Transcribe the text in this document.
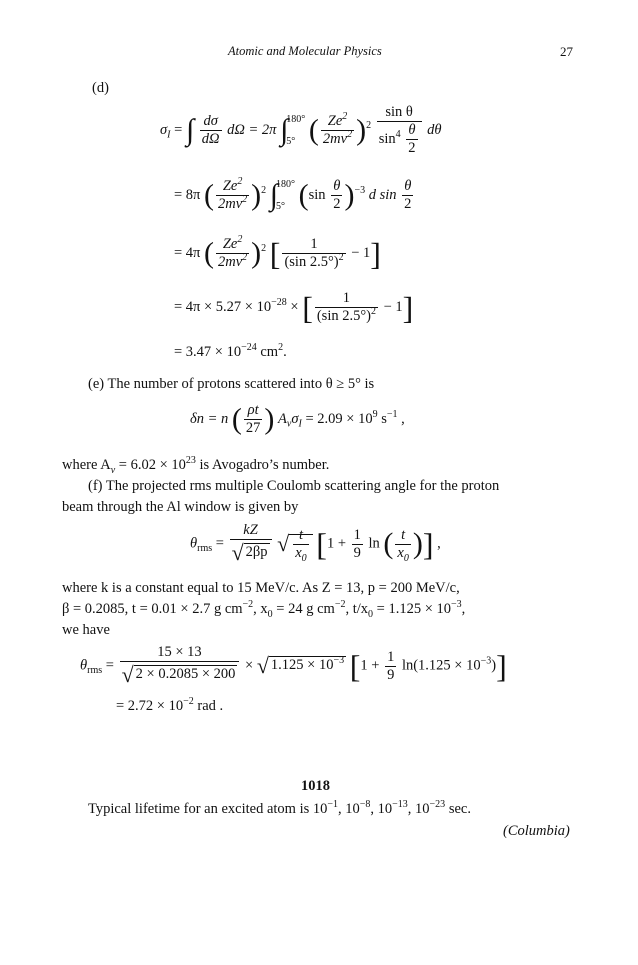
Atomic and Molecular Physics	27
(d)
$\sigma_I$ = ∫ $\frac{d\sigma}{d\Omega}$ dΩ = 2π ∫
180°

5° ( $\frac{Ze^2}{2mv^2} )^2 \frac{\text{sin θ}}{\sin^4 \frac{\theta}{2}}$ dθ
= 8π ( $\frac{Ze^2}{2mv^2} )^2$ ∫
180°

5° $(\sin \frac{\theta}{2} )^{-3}$ d $\sin \frac{\theta}{2}$
= 4π ( $\frac{Ze^2}{2mv^2} )^2$ [ $\frac{1}{(\sin 2.5^\circ)^2} - 1$]
= $4\pi \times 5.27 \times 10^{-28}$ × [ $\frac{1}{(\sin 2.5^\circ)^2} - 1$]
= $3.47 \times 10^{-24}$ $cm^2$.
(e) The number of protons scattered into θ ≥ 5° is
δn = n ( $\frac{\rho t}{27}$ ) $A_v\sigma_I = 2.09 \times 10^9$ $s^{-1}$ ,
where $A_v = 6.02 \times 10^{23}$ is Avogadro’s number.
(f) The projected rms multiple Coulomb scattering angle for the proton
beam through the Al window is given by
$\theta_{rms} = \frac{kZ}{√ 2\beta p}$ √ $\frac{t}{x_0} [1 + \frac{1}{9}$ ln ( $\frac{t}{x_0}$ )] ,
where k is a constant equal to 15 MeV/c. As Z = 13, p = 200 MeV/c,
β = 0.2085, t = 0.01 × 2.7 g $cm^{-2}$, $x_0 = 24$ g $cm^{-2}$, $t/x_0 = 1.125 \times 10^{-3}$,
we have
$\theta_{rms} = \frac{15 \times 13}{√ 2 \times 0.2085 \times 200}$ × √ $1.125 \times 10^{-3}$ $[1 + \frac{1}{9} \ln(1.125 \times 10^{-3})]$
= $2.72 \times 10^{-2}$ rad .
1018
Typical lifetime for an excited atom is $10^{-1}$, $10^{-8}$, $10^{-13}$, $10^{-23}$ sec.
(Columbia)
